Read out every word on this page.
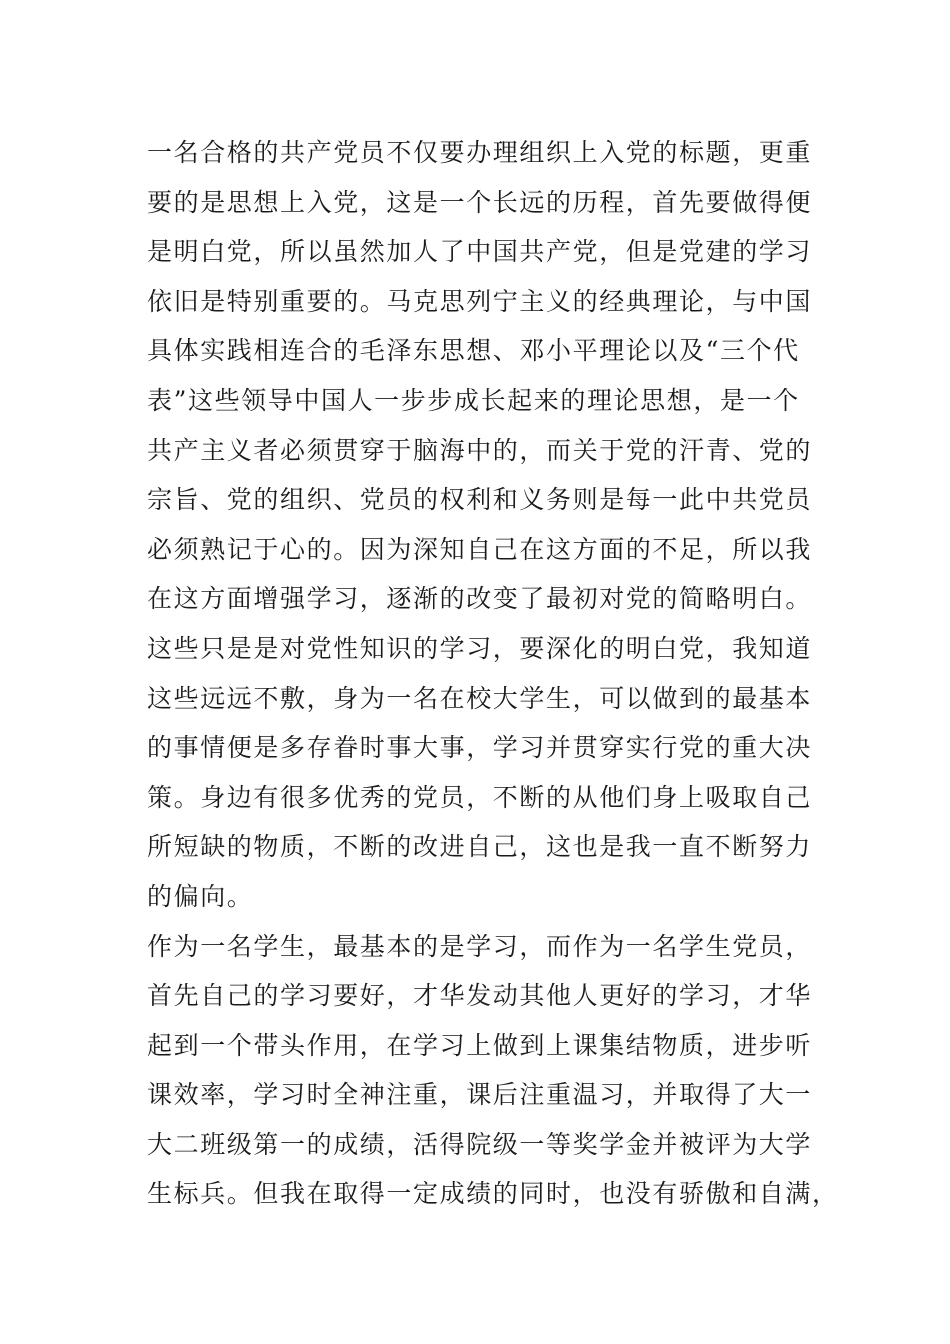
一名合格的共产党员不仅要办理组织上入党的标题，更重
要的是思想上入党，这是一个长远的历程，首先要做得便
是明白党，所以虽然加人了中国共产党，但是党建的学习
依旧是特别重要的。马克思列宁主义的经典理论，与中国
具体实践相连合的毛泽东思想、邓小平理论以及“三个代
表”这些领导中国人一步步成长起来的理论思想，是一个
共产主义者必须贯穿于脑海中的，而关于党的汗青、党的
宗旨、党的组织、党员的权利和义务则是每一此中共党员
必须熟记于心的。因为深知自己在这方面的不足，所以我
在这方面增强学习，逐渐的改变了最初对党的简略明白。
这些只是是对党性知识的学习，要深化的明白党，我知道
这些远远不敷，身为一名在校大学生，可以做到的最基本
的事情便是多存眷时事大事，学习并贯穿实行党的重大决
策。身边有很多优秀的党员，不断的从他们身上吸取自己
所短缺的物质，不断的改进自己，这也是我一直不断努力
的偏向。
作为一名学生，最基本的是学习，而作为一名学生党员，
首先自己的学习要好，才华发动其他人更好的学习，才华
起到一个带头作用，在学习上做到上课集结物质，进步听
课效率，学习时全神注重，课后注重温习，并取得了大一
大二班级第一的成绩，活得院级一等奖学金并被评为大学
生标兵。但我在取得一定成绩的同时，也没有骄傲和自满，
